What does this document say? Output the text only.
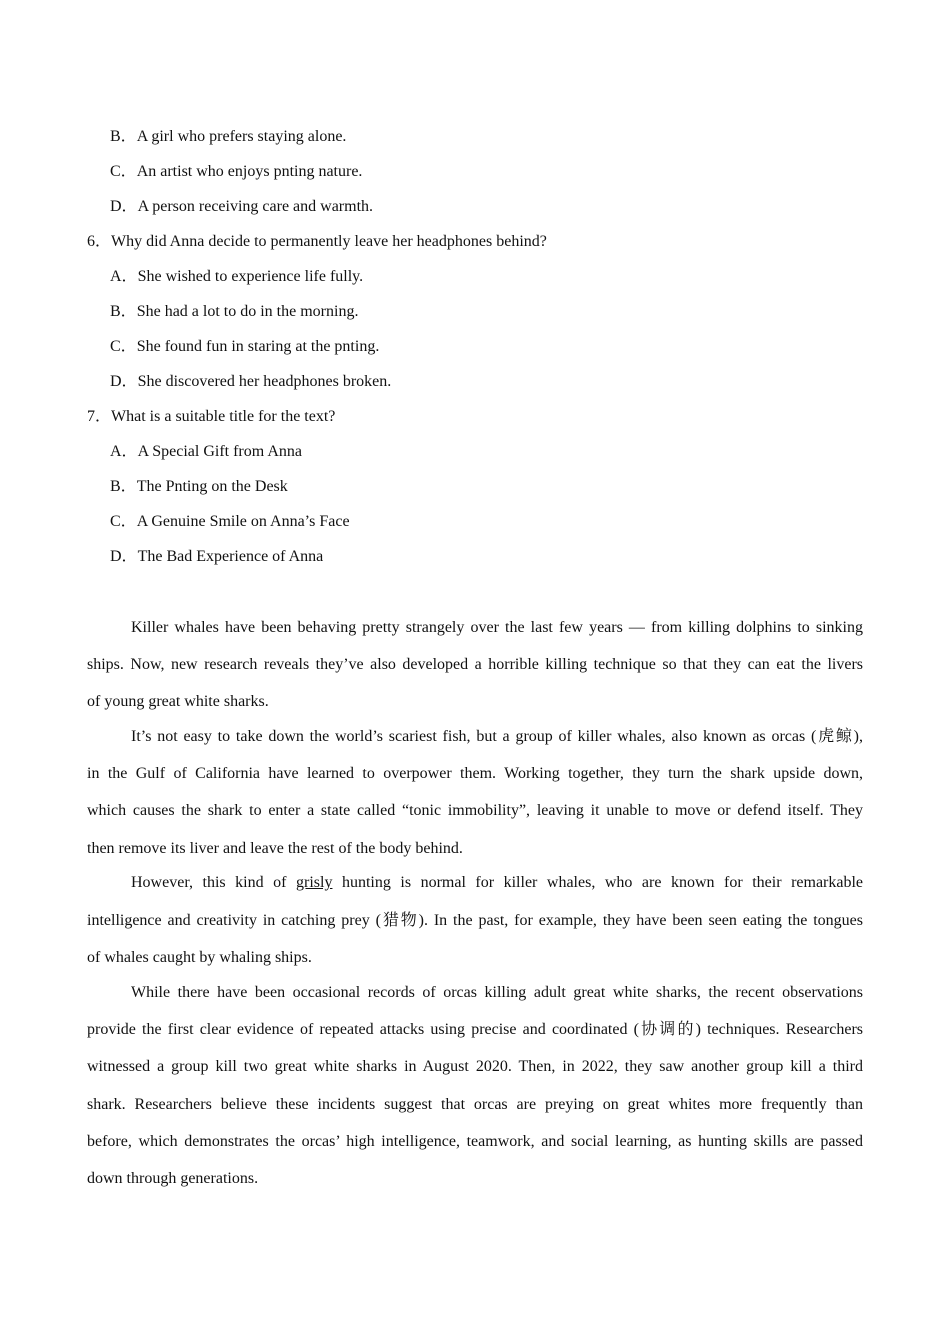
B．A girl who prefers staying alone.
C．An artist who enjoys pnting nature.
D．A person receiving care and warmth.
6．Why did Anna decide to permanently leave her headphones behind?
A．She wished to experience life fully.
B．She had a lot to do in the morning.
C．She found fun in staring at the pnting.
D．She discovered her headphones broken.
7．What is a suitable title for the text?
A．A Special Gift from Anna
B．The Pnting on the Desk
C．A Genuine Smile on Anna’s Face
D．The Bad Experience of Anna
Killer whales have been behaving pretty strangely over the last few years — from killing dolphins to sinking
ships. Now, new research reveals they’ve also developed a horrible killing technique so that they can eat the livers
of young great white sharks.
It’s not easy to take down the world’s scariest fish, but a group of killer whales, also known as orcas (虎鲸),
in the Gulf of California have learned to overpower them. Working together, they turn the shark upside down,
which causes the shark to enter a state called “tonic immobility”, leaving it unable to move or defend itself. They
then remove its liver and leave the rest of the body behind.
However, this kind of grisly hunting is normal for killer whales, who are known for their remarkable
intelligence and creativity in catching prey (猎物). In the past, for example, they have been seen eating the tongues
of whales caught by whaling ships.
While there have been occasional records of orcas killing adult great white sharks, the recent observations
provide the first clear evidence of repeated attacks using precise and coordinated (协调的) techniques. Researchers
witnessed a group kill two great white sharks in August 2020. Then, in 2022, they saw another group kill a third
shark. Researchers believe these incidents suggest that orcas are preying on great whites more frequently than
before, which demonstrates the orcas’ high intelligence, teamwork, and social learning, as hunting skills are passed
down through generations.
